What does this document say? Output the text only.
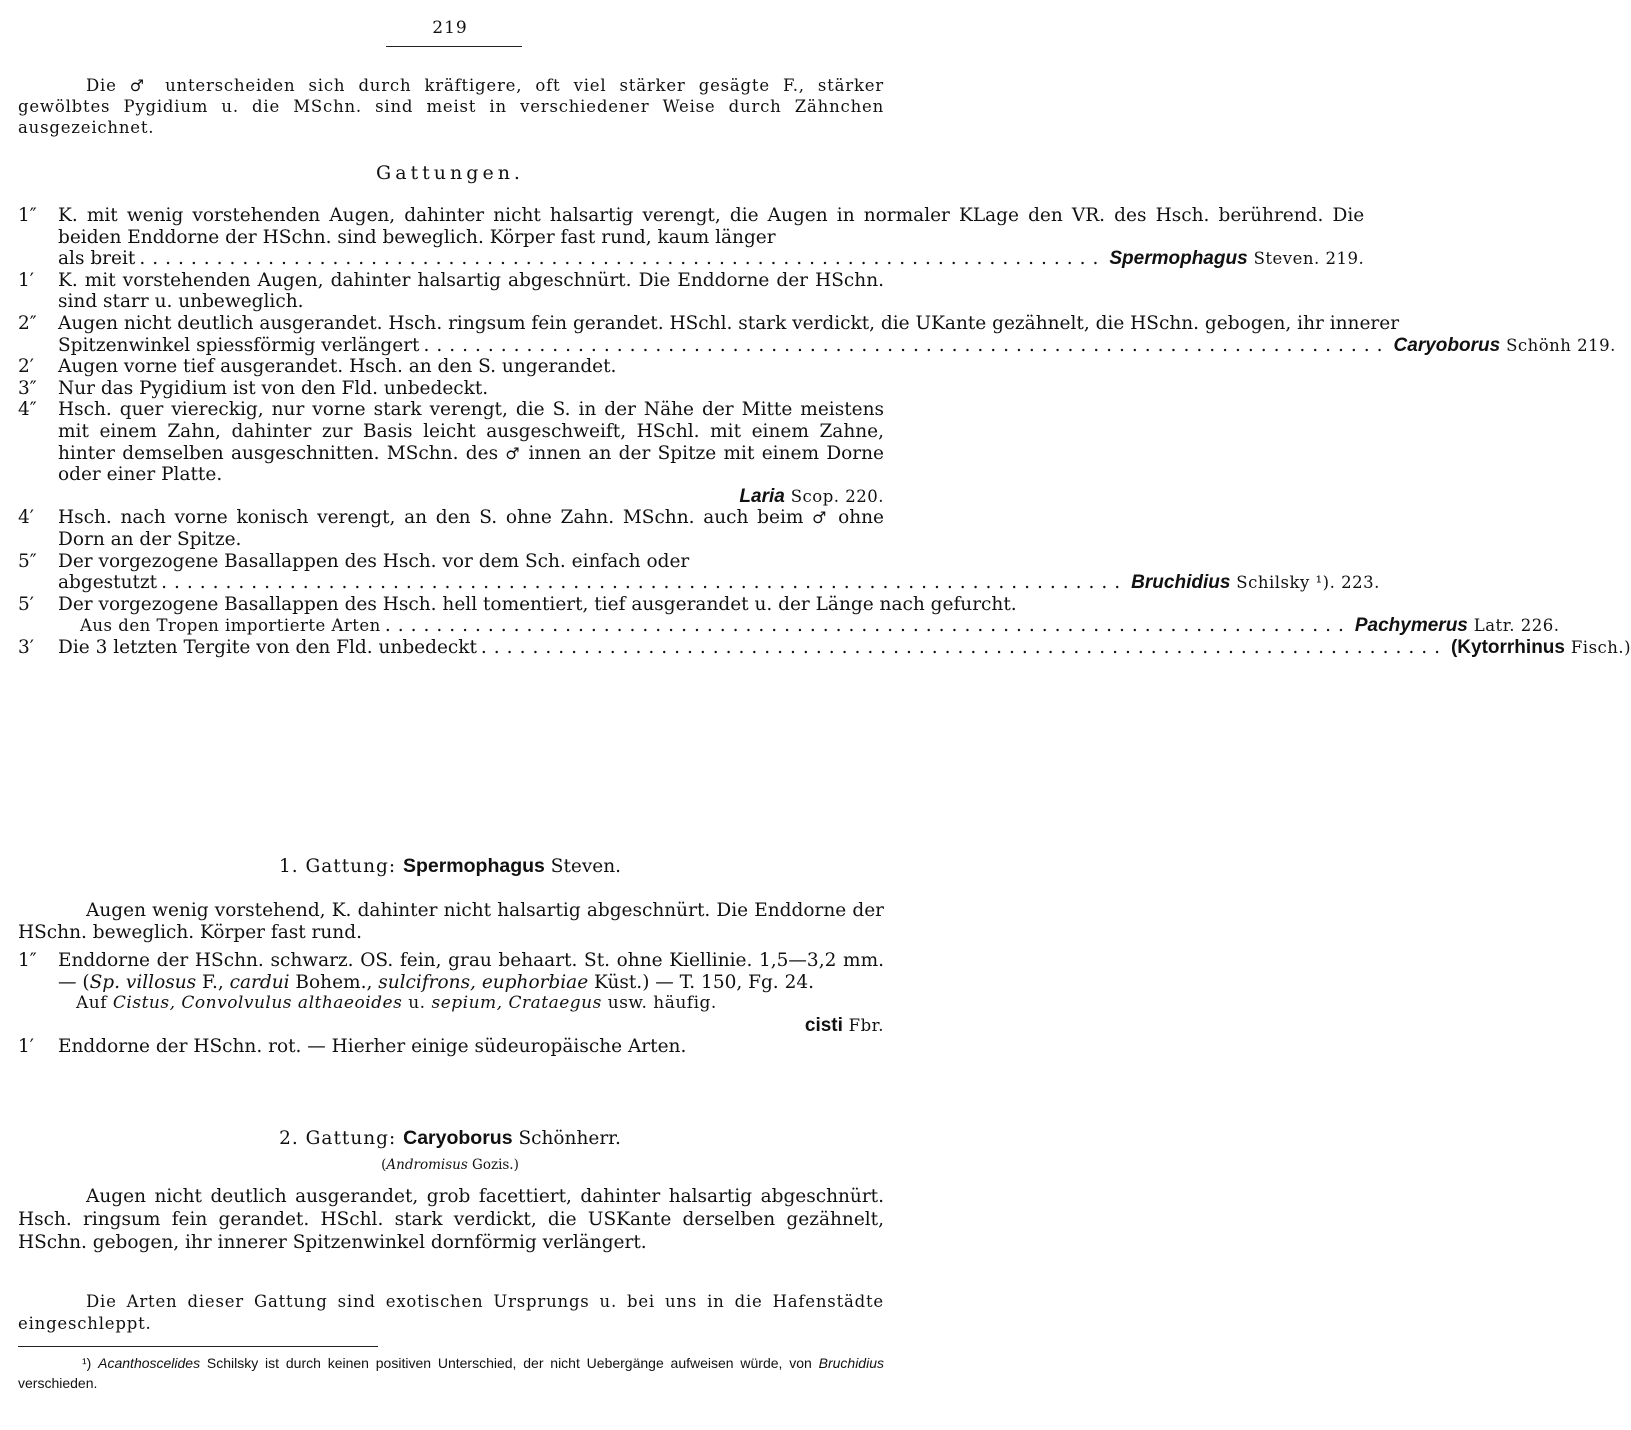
219
Die ♂ unterscheiden sich durch kräftigere, oft viel stärker gesägte F., stärker gewölbtes Pygidium u. die MSchn. sind meist in verschiedener Weise durch Zähnchen ausgezeichnet.
Gattungen.
1″	K. mit wenig vorstehenden Augen, dahinter nicht halsartig verengt, die Augen in normaler KLage den VR. des Hsch. berührend. Die beiden Enddorne der HSchn. sind beweglich. Körper fast rund, kaum länger
als breit ........................................................................... Spermophagus Steven. 219.
1′	K. mit vorstehenden Augen, dahinter halsartig abgeschnürt. Die Enddorne der HSchn. sind starr u. unbeweglich.
2″	Augen nicht deutlich ausgerandet. Hsch. ringsum fein gerandet. HSchl. stark verdickt, die UKante gezähnelt, die HSchn. gebogen, ihr innerer
Spitzenwinkel spiessförmig verlängert ........................................................................... Caryoborus Schönh 219.
2′	Augen vorne tief ausgerandet. Hsch. an den S. ungerandet.
3″	Nur das Pygidium ist von den Fld. unbedeckt.
4″	Hsch. quer viereckig, nur vorne stark verengt, die S. in der Nähe der Mitte meistens mit einem Zahn, dahinter zur Basis leicht ausgeschweift, HSchl. mit einem Zahne, hinter demselben ausgeschnitten. MSchn. des ♂ innen an der Spitze mit einem Dorne oder einer Platte.
Laria Scop. 220.
4′	Hsch. nach vorne konisch verengt, an den S. ohne Zahn. MSchn. auch beim ♂ ohne Dorn an der Spitze.
5″	Der vorgezogene Basallappen des Hsch. vor dem Sch. einfach oder
abgestutzt ........................................................................... Bruchidius Schilsky ¹). 223.
5′	Der vorgezogene Basallappen des Hsch. hell tomentiert, tief ausgerandet u. der Länge nach gefurcht.
Aus den Tropen importierte Arten ........................................................................... Pachymerus Latr. 226.
3′	Die 3 letzten Tergite von den Fld. unbedeckt ........................................................................... (Kytorrhinus Fisch.)
1. Gattung: Spermophagus Steven.
Augen wenig vorstehend, K. dahinter nicht halsartig abgeschnürt. Die Enddorne der HSchn. beweglich. Körper fast rund.
1″	Enddorne der HSchn. schwarz. OS. fein, grau behaart. St. ohne Kiellinie. 1,5—3,2 mm. — (Sp. villosus F., cardui Bohem., sulcifrons, euphorbiae Küst.) — T. 150, Fg. 24.
Auf Cistus, Convolvulus althaeoides u. sepium, Crataegus usw. häufig.
cisti Fbr.
1′	Enddorne der HSchn. rot. — Hierher einige südeuropäische Arten.
2. Gattung: Caryoborus Schönherr.
(Andromisus Gozis.)
Augen nicht deutlich ausgerandet, grob facettiert, dahinter halsartig abgeschnürt. Hsch. ringsum fein gerandet. HSchl. stark verdickt, die USKante derselben gezähnelt, HSchn. gebogen, ihr innerer Spitzenwinkel dornförmig verlängert.
Die Arten dieser Gattung sind exotischen Ursprungs u. bei uns in die Hafenstädte eingeschleppt.
¹) Acanthoscelides Schilsky ist durch keinen positiven Unterschied, der nicht Uebergänge aufweisen würde, von Bruchidius verschieden.
